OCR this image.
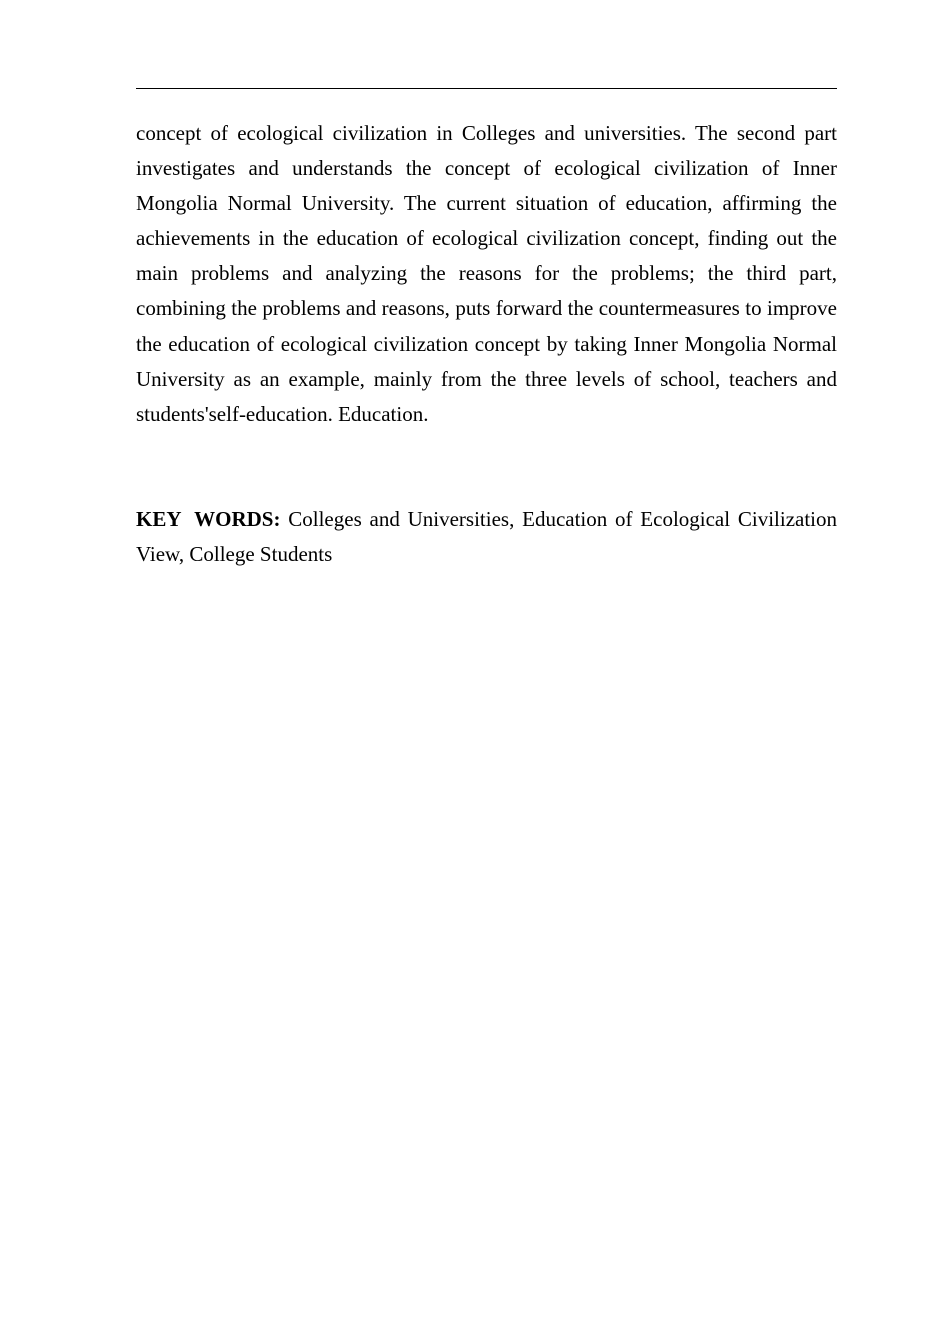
concept of ecological civilization in Colleges and universities. The second part investigates and understands the concept of ecological civilization of Inner Mongolia Normal University. The current situation of education, affirming the achievements in the education of ecological civilization concept, finding out the main problems and analyzing the reasons for the problems; the third part, combining the problems and reasons, puts forward the countermeasures to improve the education of ecological civilization concept by taking Inner Mongolia Normal University as an example, mainly from the three levels of school, teachers and students'self-education. Education.

KEY WORDS: Colleges and Universities, Education of Ecological Civilization View, College Students
